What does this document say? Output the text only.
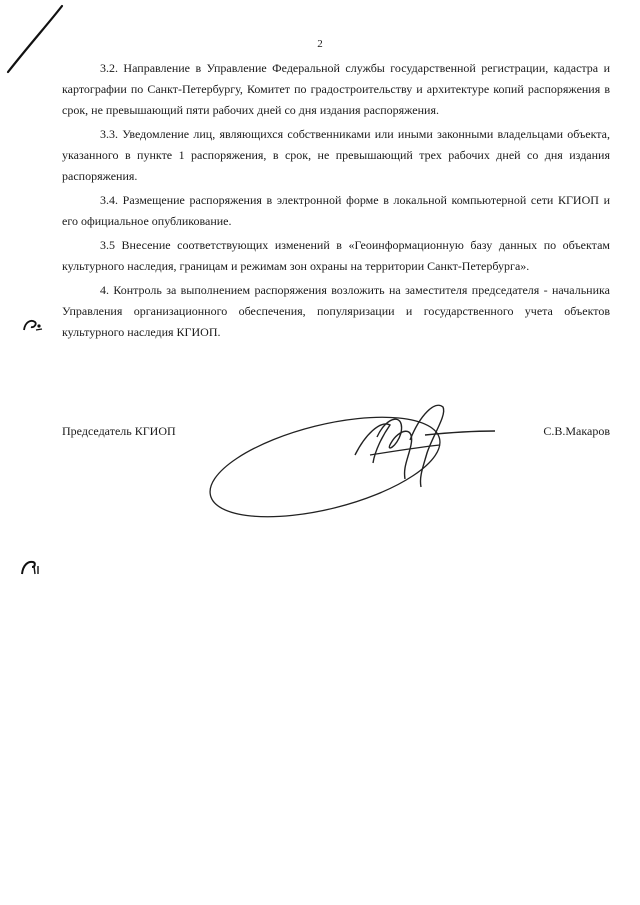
2

3.2. Направление в Управление Федеральной службы государственной регистрации, кадастра и картографии по Санкт-Петербургу, Комитет по градостроительству и архитектуре копий распоряжения в срок, не превышающий пяти рабочих дней со дня издания распоряжения.

3.3. Уведомление лиц, являющихся собственниками или иными законными владельцами объекта, указанного в пункте 1 распоряжения, в срок, не превышающий трех рабочих дней со дня издания распоряжения.

3.4. Размещение распоряжения в электронной форме в локальной компьютерной сети КГИОП и его официальное опубликование.

3.5 Внесение соответствующих изменений в «Геоинформационную базу данных по объектам культурного наследия, границам и режимам зон охраны на территории Санкт-Петербурга».

4. Контроль за выполнением распоряжения возложить на заместителя председателя - начальника Управления организационного обеспечения, популяризации и государственного учета объектов культурного наследия КГИОП.

Председатель КГИОП	С.В.Макаров
